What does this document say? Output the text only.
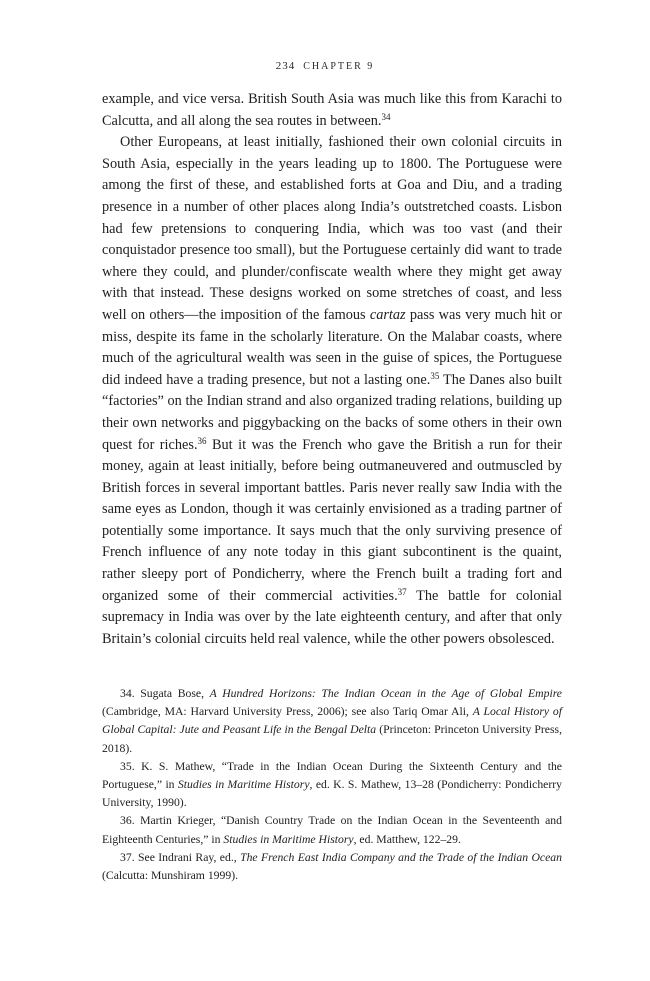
234 CHAPTER 9

example, and vice versa. British South Asia was much like this from Karachi to Calcutta, and all along the sea routes in between.$^{34}$

Other Europeans, at least initially, fashioned their own colonial circuits in South Asia, especially in the years leading up to 1800. The Portuguese were among the first of these, and established forts at Goa and Diu, and a trading presence in a number of other places along India’s outstretched coasts. Lisbon had few pretensions to conquering India, which was too vast (and their conquistador presence too small), but the Portuguese certainly did want to trade where they could, and plunder/confiscate wealth where they might get away with that instead. These designs worked on some stretches of coast, and less well on others—the imposition of the famous cartaz pass was very much hit or miss, despite its fame in the scholarly literature. On the Malabar coasts, where much of the agricultural wealth was seen in the guise of spices, the Portuguese did indeed have a trading presence, but not a lasting one.$^{35}$ The Danes also built “factories” on the Indian strand and also organized trading relations, building up their own networks and piggybacking on the backs of some others in their own quest for riches.$^{36}$ But it was the French who gave the British a run for their money, again at least initially, before being outmaneuvered and outmuscled by British forces in several important battles. Paris never really saw India with the same eyes as London, though it was certainly envisioned as a trading partner of potentially some importance. It says much that the only surviving presence of French influence of any note today in this giant subcontinent is the quaint, rather sleepy port of Pondicherry, where the French built a trading fort and organized some of their commercial activities.$^{37}$ The battle for colonial supremacy in India was over by the late eighteenth century, and after that only Britain’s colonial circuits held real valence, while the other powers obsolesced.

34. Sugata Bose, A Hundred Horizons: The Indian Ocean in the Age of Global Empire (Cambridge, MA: Harvard University Press, 2006); see also Tariq Omar Ali, A Local History of Global Capital: Jute and Peasant Life in the Bengal Delta (Princeton: Princeton University Press, 2018).

35. K. S. Mathew, “Trade in the Indian Ocean During the Sixteenth Century and the Portuguese,” in Studies in Maritime History, ed. K. S. Mathew, 13–28 (Pondicherry: Pondicherry University, 1990).

36. Martin Krieger, “Danish Country Trade on the Indian Ocean in the Seventeenth and Eighteenth Centuries,” in Studies in Maritime History, ed. Matthew, 122–29.

37. See Indrani Ray, ed., The French East India Company and the Trade of the Indian Ocean (Calcutta: Munshiram 1999).
